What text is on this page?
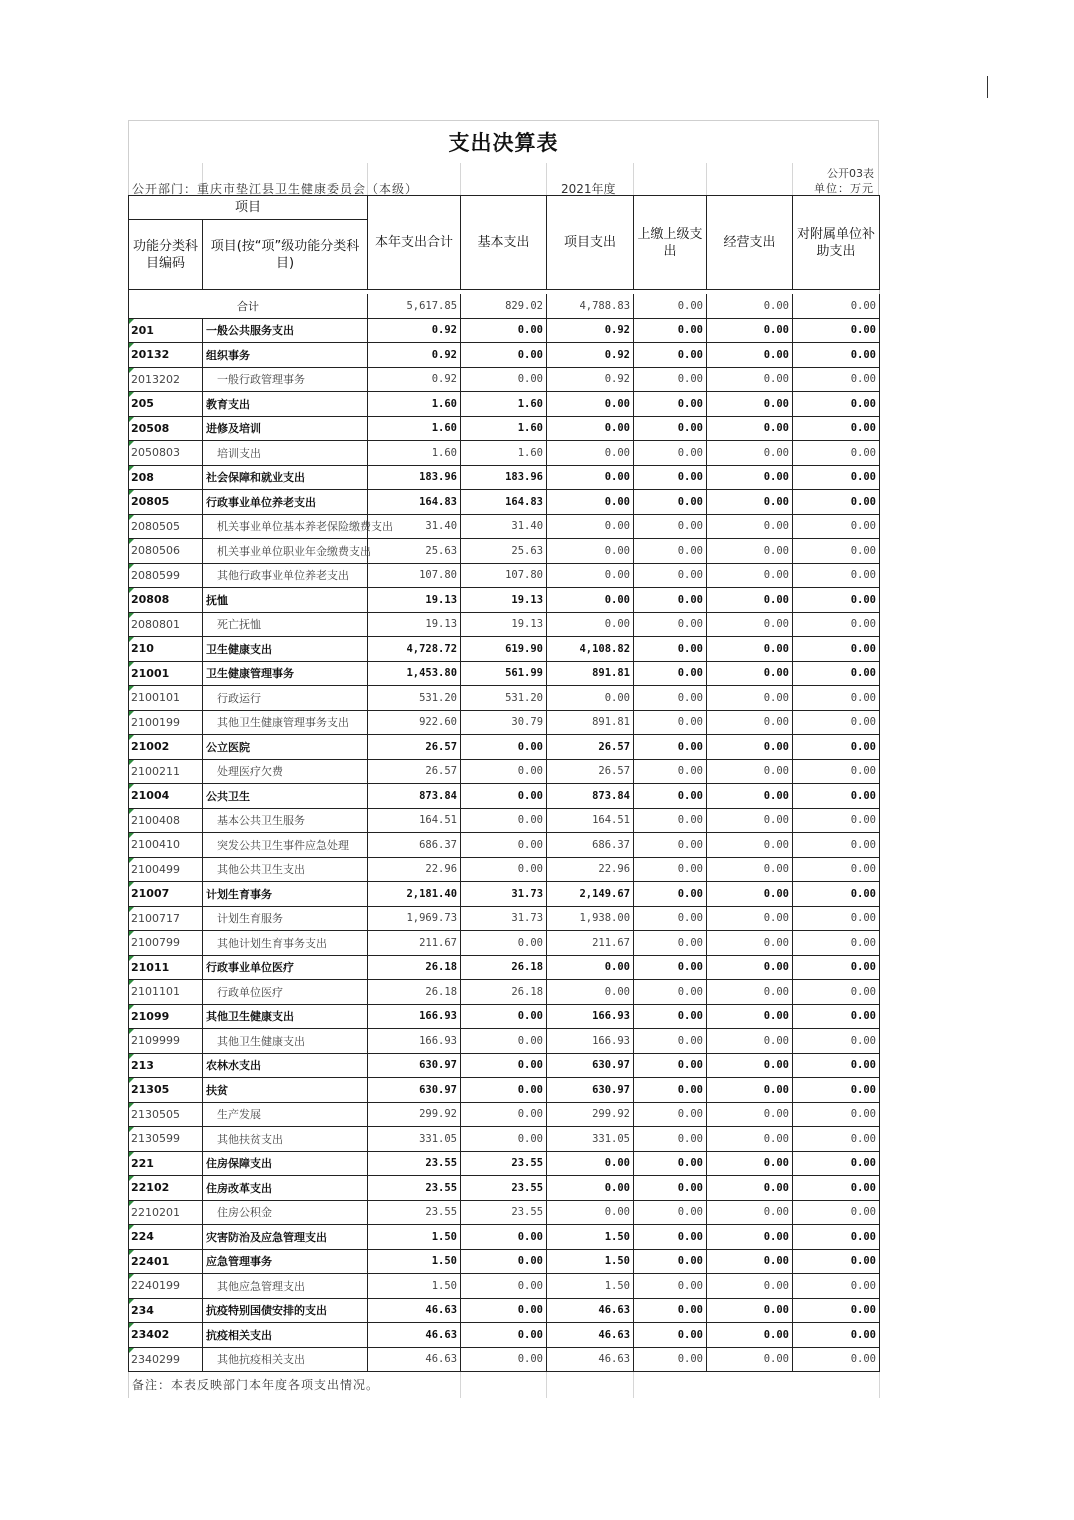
支出决算表
公开03表
公开部门：重庆市垫江县卫生健康委员会（本级）	2021年度	单位：万元
项目		本年支出合计	基本支出	项目支出	上缴上级支出	经营支出	对附属单位补助支出
功能分类科目编码	项目(按“项”级功能分类科目)						

合计		5,617.85	829.02	4,788.83	0.00	0.00	0.00
201	一般公共服务支出	0.92	0.00	0.92	0.00	0.00	0.00
20132	组织事务	0.92	0.00	0.92	0.00	0.00	0.00
2013202	一般行政管理事务	0.92	0.00	0.92	0.00	0.00	0.00
205	教育支出	1.60	1.60	0.00	0.00	0.00	0.00
20508	进修及培训	1.60	1.60	0.00	0.00	0.00	0.00
2050803	培训支出	1.60	1.60	0.00	0.00	0.00	0.00
208	社会保障和就业支出	183.96	183.96	0.00	0.00	0.00	0.00
20805	行政事业单位养老支出	164.83	164.83	0.00	0.00	0.00	0.00
2080505	机关事业单位基本养老保险缴费支出	31.40	31.40	0.00	0.00	0.00	0.00
2080506	机关事业单位职业年金缴费支出	25.63	25.63	0.00	0.00	0.00	0.00
2080599	其他行政事业单位养老支出	107.80	107.80	0.00	0.00	0.00	0.00
20808	抚恤	19.13	19.13	0.00	0.00	0.00	0.00
2080801	死亡抚恤	19.13	19.13	0.00	0.00	0.00	0.00
210	卫生健康支出	4,728.72	619.90	4,108.82	0.00	0.00	0.00
21001	卫生健康管理事务	1,453.80	561.99	891.81	0.00	0.00	0.00
2100101	行政运行	531.20	531.20	0.00	0.00	0.00	0.00
2100199	其他卫生健康管理事务支出	922.60	30.79	891.81	0.00	0.00	0.00
21002	公立医院	26.57	0.00	26.57	0.00	0.00	0.00
2100211	处理医疗欠费	26.57	0.00	26.57	0.00	0.00	0.00
21004	公共卫生	873.84	0.00	873.84	0.00	0.00	0.00
2100408	基本公共卫生服务	164.51	0.00	164.51	0.00	0.00	0.00
2100410	突发公共卫生事件应急处理	686.37	0.00	686.37	0.00	0.00	0.00
2100499	其他公共卫生支出	22.96	0.00	22.96	0.00	0.00	0.00
21007	计划生育事务	2,181.40	31.73	2,149.67	0.00	0.00	0.00
2100717	计划生育服务	1,969.73	31.73	1,938.00	0.00	0.00	0.00
2100799	其他计划生育事务支出	211.67	0.00	211.67	0.00	0.00	0.00
21011	行政事业单位医疗	26.18	26.18	0.00	0.00	0.00	0.00
2101101	行政单位医疗	26.18	26.18	0.00	0.00	0.00	0.00
21099	其他卫生健康支出	166.93	0.00	166.93	0.00	0.00	0.00
2109999	其他卫生健康支出	166.93	0.00	166.93	0.00	0.00	0.00
213	农林水支出	630.97	0.00	630.97	0.00	0.00	0.00
21305	扶贫	630.97	0.00	630.97	0.00	0.00	0.00
2130505	生产发展	299.92	0.00	299.92	0.00	0.00	0.00
2130599	其他扶贫支出	331.05	0.00	331.05	0.00	0.00	0.00
221	住房保障支出	23.55	23.55	0.00	0.00	0.00	0.00
22102	住房改革支出	23.55	23.55	0.00	0.00	0.00	0.00
2210201	住房公积金	23.55	23.55	0.00	0.00	0.00	0.00
224	灾害防治及应急管理支出	1.50	0.00	1.50	0.00	0.00	0.00
22401	应急管理事务	1.50	0.00	1.50	0.00	0.00	0.00
2240199	其他应急管理支出	1.50	0.00	1.50	0.00	0.00	0.00
234	抗疫特别国债安排的支出	46.63	0.00	46.63	0.00	0.00	0.00
23402	抗疫相关支出	46.63	0.00	46.63	0.00	0.00	0.00
2340299	其他抗疫相关支出	46.63	0.00	46.63	0.00	0.00	0.00
备注：本表反映部门本年度各项支出情况。
